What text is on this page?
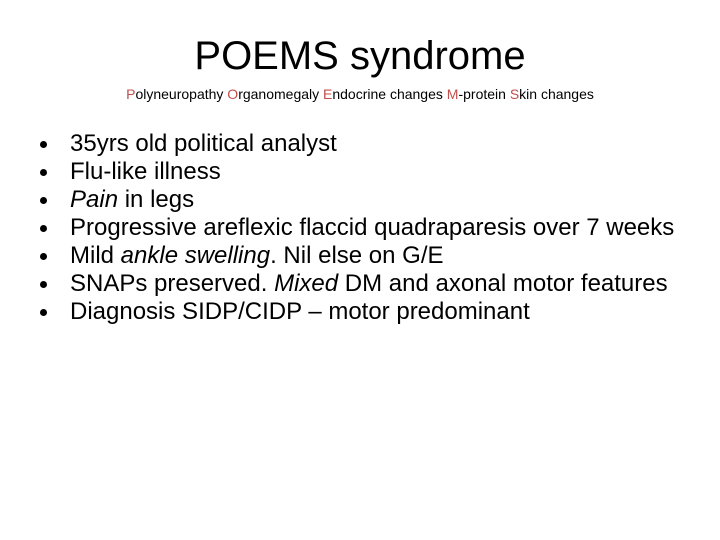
POEMS syndrome

Polyneuropathy Organomegaly Endocrine changes M-protein Skin changes

35yrs old political analyst
Flu-like illness
Pain in legs
Progressive areflexic flaccid quadraparesis over 7 weeks
Mild ankle swelling. Nil else on G/E
SNAPs preserved. Mixed DM and axonal motor features
Diagnosis SIDP/CIDP – motor predominant
